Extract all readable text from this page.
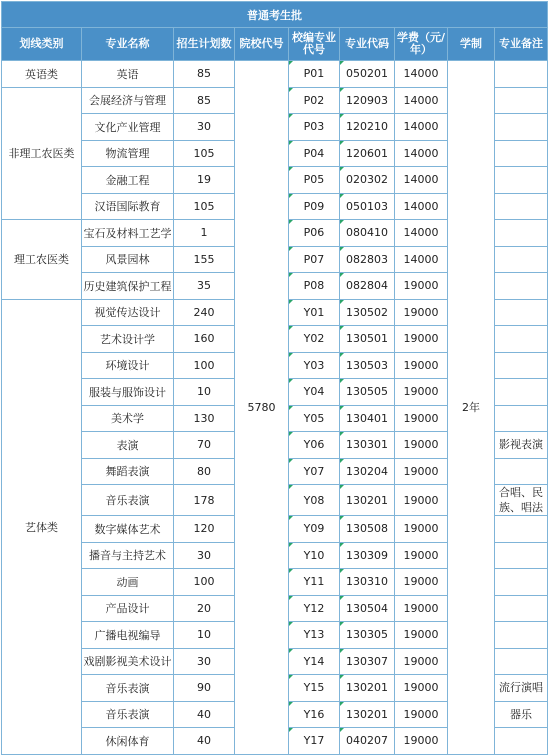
普通考生批								
划线类别	专业名称	招生计划数	院校代号	校编专业代号	专业代码	学费（元/年）	学制	专业备注
英语类	英语	85	5780	P01	050201	14000	2年	
非理工农医类	会展经济与管理	85		P02	120903	14000		
	文化产业管理	30		P03	120210	14000		
	物流管理	105		P04	120601	14000		
	金融工程	19		P05	020302	14000		
	汉语国际教育	105		P09	050103	14000		
理工农医类	宝石及材料工艺学	1		P06	080410	14000		
	风景园林	155		P07	082803	14000		
	历史建筑保护工程	35		P08	082804	19000		
艺体类	视觉传达设计	240		Y01	130502	19000		
	艺术设计学	160		Y02	130501	19000		
	环境设计	100		Y03	130503	19000		
	服装与服饰设计	10		Y04	130505	19000		
	美术学	130		Y05	130401	19000		
	表演	70		Y06	130301	19000		影视表演
	舞蹈表演	80		Y07	130204	19000		
	音乐表演	178		Y08	130201	19000		合唱、民族、唱法
	数字媒体艺术	120		Y09	130508	19000		
	播音与主持艺术	30		Y10	130309	19000		
	动画	100		Y11	130310	19000		
	产品设计	20		Y12	130504	19000		
	广播电视编导	10		Y13	130305	19000		
	戏剧影视美术设计	30		Y14	130307	19000		
	音乐表演	90		Y15	130201	19000		流行演唱
	音乐表演	40		Y16	130201	19000		器乐
	休闲体育	40		Y17	040207	19000		
